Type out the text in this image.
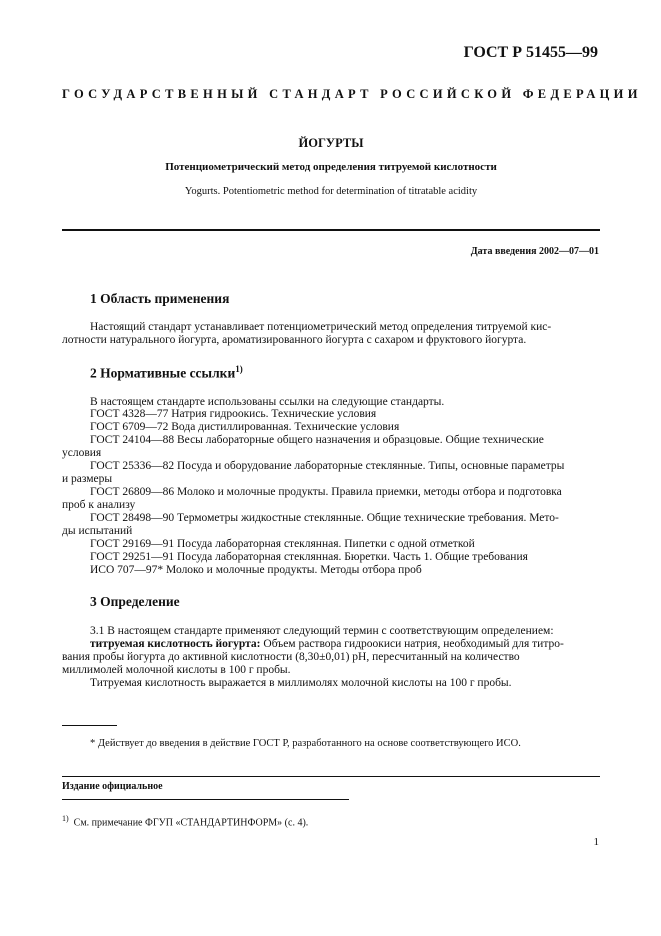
ГОСТ Р 51455—99
ГОСУДАРСТВЕННЫЙ СТАНДАРТ РОССИЙСКОЙ ФЕДЕРАЦИИ
ЙОГУРТЫ
Потенциометрический метод определения титруемой кислотности
Yogurts. Potentiometric method for determination of titratable acidity
Дата введения 2002—07—01
1 Область применения
Настоящий стандарт устанавливает потенциометрический метод определения титруемой кис-
лотности натурального йогурта, ароматизированного йогурта с сахаром и фруктового йогурта.
2 Нормативные ссылки$^{1)}$
В настоящем стандарте использованы ссылки на следующие стандарты.
ГОСТ 4328—77 Натрия гидроокись. Технические условия
ГОСТ 6709—72 Вода дистиллированная. Технические условия
ГОСТ 24104—88 Весы лабораторные общего назначения и образцовые. Общие технические
условия
ГОСТ 25336—82 Посуда и оборудование лабораторные стеклянные. Типы, основные параметры
и размеры
ГОСТ 26809—86 Молоко и молочные продукты. Правила приемки, методы отбора и подготовка
проб к анализу
ГОСТ 28498—90 Термометры жидкостные стеклянные. Общие технические требования. Мето-
ды испытаний
ГОСТ 29169—91 Посуда лабораторная стеклянная. Пипетки с одной отметкой
ГОСТ 29251—91 Посуда лабораторная стеклянная. Бюретки. Часть 1. Общие требования
ИСО 707—97* Молоко и молочные продукты. Методы отбора проб
3 Определение
3.1 В настоящем стандарте применяют следующий термин с соответствующим определением:
титруемая кислотность йогурта: Объем раствора гидроокиси натрия, необходимый для титро-
вания пробы йогурта до активной кислотности (8,30±0,01) pH, пересчитанный на количество
миллимолей молочной кислоты в 100 г пробы.
Титруемая кислотность выражается в миллимолях молочной кислоты на 100 г пробы.
* Действует до введения в действие ГОСТ Р, разработанного на основе соответствующего ИСО.
Издание официальное
$^{1)}$ См. примечание ФГУП «СТАНДАРТИНФОРМ» (с. 4).
1
